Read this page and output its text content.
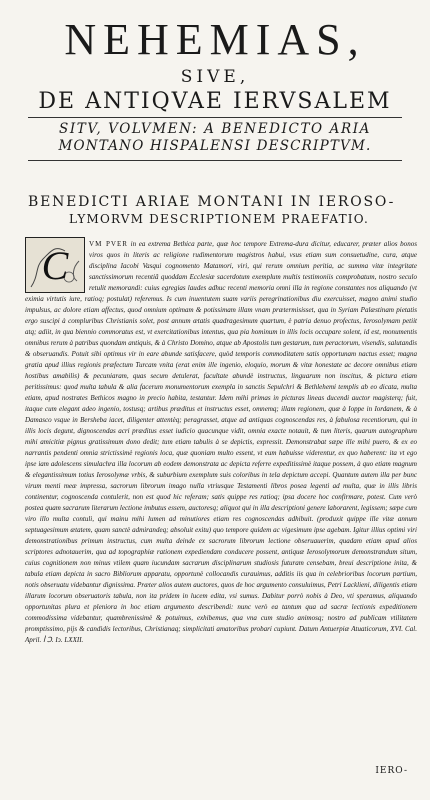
NEHEMIAS,
SIVE,
DE ANTIQVAE IERVSALEM
SITV, VOLVMEN: A BENEDICTO ARIA
MONTANO HISPALENSI DESCRIPTVM.
BENEDICTI ARIAE MONTANI IN IEROSO-
LYMORVM DESCRIPTIONEM PRAEFATIO.
C	VM PVER in ea extrema Bethica parte, quæ hoc tempore Extrema-dura dicitur, educarer, præter alios bonos viros quos in literis ac religione rudimentorum magistros habui, vsus etiam sum consuetudine, cura, atque disciplina Iacobi Vasqui cognomento Matamori, viri, qui rerum omnium peritia, ac summa vitæ integritate sanctissimorum recentiâ quoddam Ecclesiæ sacerdotum exemplum multis testimoniis comprobatum, nostro seculo retulit memorandi: cuius egregias laudes adhuc recenti memoria omni illa in regione constantes nos aliquando (vt eximia virtutis iure, ratioq; postulat) referemus. Is cum inuentutem suam variis peregrinationibus diu exercuisset, magno animi studio impulsus, ac dolore etiam affectus, quod omnium optimam & potissimam illam vnam prætermisisset, qua in Syriam Palæstinam pietatis ergo suscipi à compluribus Christianis solet, post annum ætatis quadragesimum quartum, è patria denuo profectus, Ierosolymam petiit atq; adiit, in qua biennio commoratus est, vt exercitationibus intentus, qua pia hominum in illis locis occupare solent, id est, monumentis omnibus rerum à patribus quondam antiquis, & à Christo Domino, atque ab Apostolis tum gestarum, tum peractorum, visendis, salutandis & obseruandis. Potuit sibi optimus vir in eare abunde satisfacere, quòd temporis commoditatem satis opportunam nactus esset; magna gratia apud illius regionis præfectum Turcam vnita (erat enim ille ingenio, eloquio, morum & vitæ honestate ac decore omnibus etiam hostibus amabilis) & pecuniaram, quas secum detulerat, facultate abundè instructus, linguarum non inscitus, & pictura etiam peritissimus: quod multa tabula & alia facerum monumentorum exempla in sanctis Sepulchri & Bethlehemi templis ab eo dicata, multa etiam, apud nostrates Bethicos magno in precio habita, testantur. Idem mihi primas in picturas lineas ducendi auctor magisterq; fuit, itaque cum elegant adeo ingenio, tostusq; artibus præditus et instructus esset, omnemq; illam regionem, quæ à Ioppe in Iordanem, & à Damasco vsque in Bersheba iacet, diligenter attentèq; peragrasset, atque ad antiquas cognoscendas res, à fabulosa recentiorum, qui in illis locis degunt, dignoscendas acri præditus esset iudicio quacunque vidit, omnia exacte notauit, & tum literis, quarum autographum mihi amicitiæ pignus gratissimum dono dedit; tum etiam tabulis à se depictis, expressit. Demonstrabat sæpe ille mihi puero, & ex eo narrantis pendenti omnia strictissimè regionis loca, quæ quoniam multo essent, vt eum habuisse viderentur, ex quo haberent: ita vt ego ipse iam adolescens simulachra illa locorum ab eodem demonstrata ac depicta referre expeditissimè itaque possem, à quo etiam magnum & elegantissimum totius Ierosolymæ vrbis, & suburbium exemplum suis coloribus in tela depictum accepi. Quantum autem illa per bunc virum menti meæ impressa, sacrorum librorum imago nulla vtriusque Testamenti libros posea legenti ad multa, quæ in illis libris continentur, cognoscenda contulerit, non est quod hic referam; satis quippe res ratioq; ipsa docere hoc confirmare, potest. Cum verò postea quam sacrarum literarum lectione imbutus essem, auctoresq; aliquot qui in illa descriptioni genere laborarent, legissem; sæpe cum viro illo multa contuli, qui mainu mihi lumen ad minutiores etiam res cognoscendas adhibuit. (produxit quippe ille vitæ annum septuagesimum ætatem, quam sanctè admirandeq; absoluit exitu) quo tempore quidem ac vigesimum ipse agebam. Igitur illius optimi viri demonstrationibus primum instructus, cum multa deinde ex sacrorum librorum lectione obseruauerim, quadam etiam apud alios scriptores adnotauerim, qua ad topographiæ rationem expediendam conducere possent, antiquæ Ierosolymorum demonstrandum situm, cuius cognitionem non minus vtilem quam iucundam sacrarum disciplinarum studiosis futuram censebam, breui descriptione inita, & tabula etiam depicta in sacro Bibliorum apparatu, opportunè collocandis curauimus, additis iis qua in celebrioribus locorum partium, notis obseruatu videbantur dignissima. Præter alios autem auctores, quos de hoc argumento consuluimus, Petri Lacklieni, diligentis etiam illarum locorum obseruatoris tabula, non ita pridem in lucem edita, vsi sumus. Dabitur porrò nobis à Deo, vti speramus, aliquando opportunitas plura et pleniora in hoc etiam argumento describendi: nunc verò ea tantum qua ad sacræ lectionis expeditionem commodissima videbantur, quambrenissimè & potuimus, exhibemus, qua vna cum studio animosq; nostro ad publicam vtilitatem promptissimo, pijs & candidis lectoribus, Christianaq; simplicitati amatoribus probari cupiunt. Datum Antuerpiæ Atuaticorum, XVI. Cal. April. ꟾ Ↄ. Iↄ. LXXII.
IERO-
